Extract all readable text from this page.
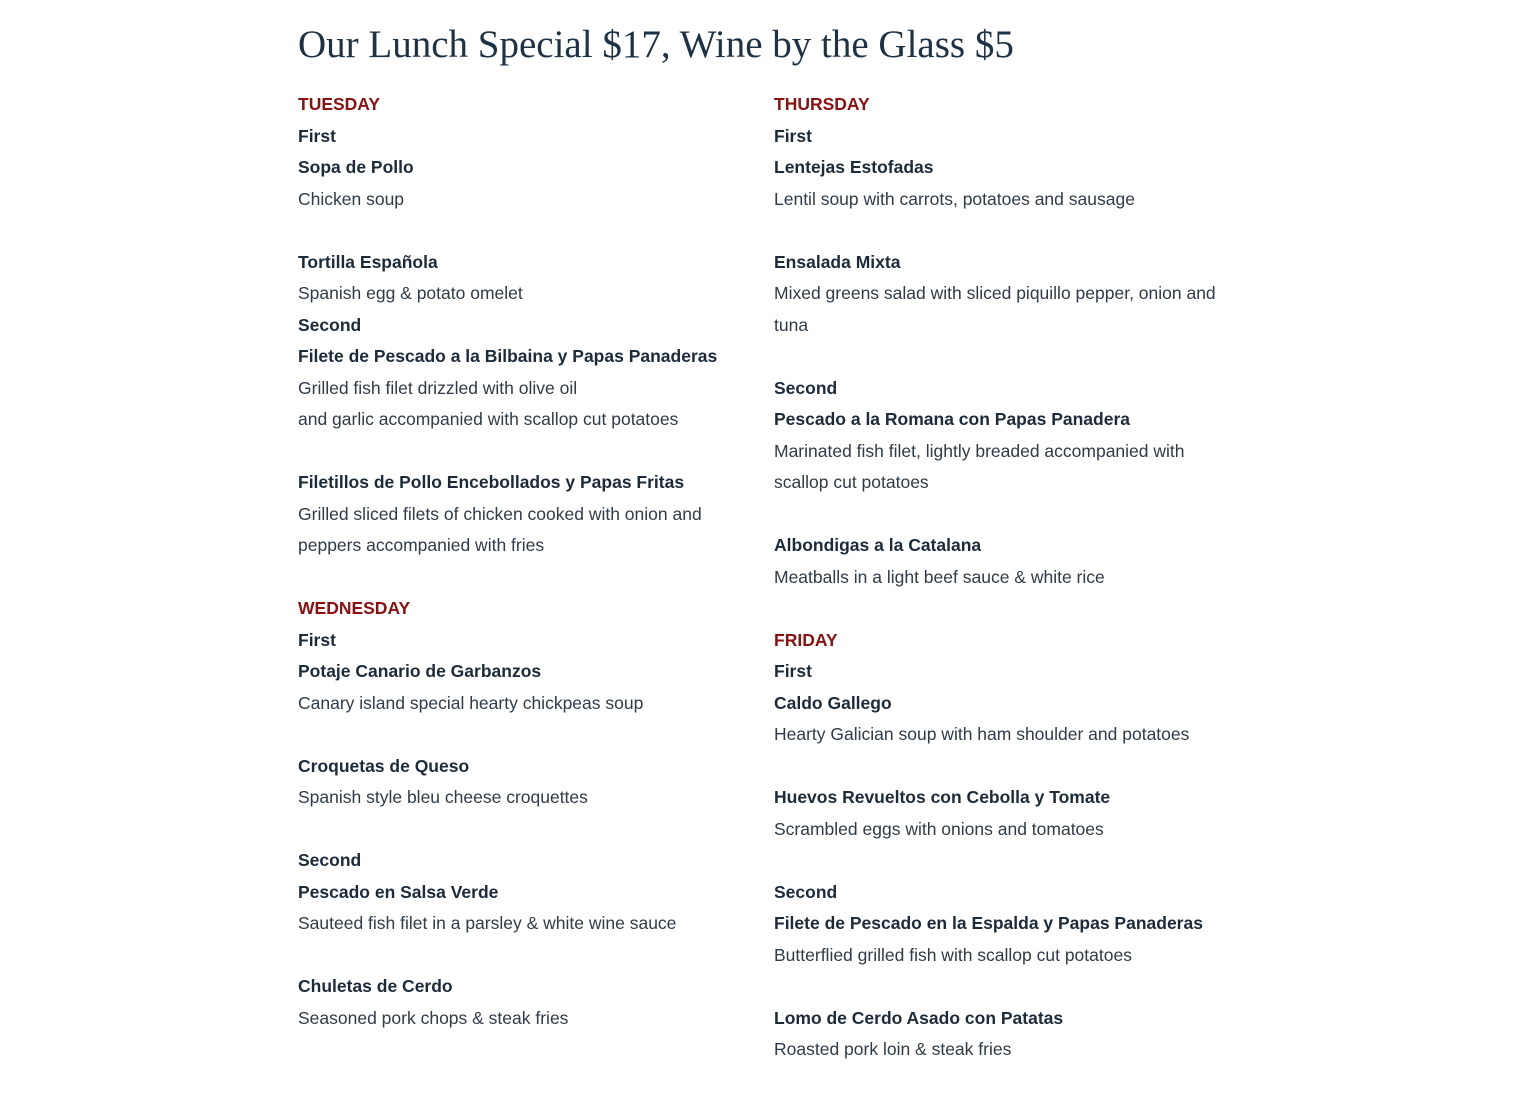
Our Lunch Special $17, Wine by the Glass $5
TUESDAY
First
Sopa de Pollo
Chicken soup
Tortilla Española
Spanish egg & potato omelet
Second
Filete de Pescado a la Bilbaina y Papas Panaderas
Grilled fish filet drizzled with olive oil
and garlic accompanied with scallop cut potatoes
Filetillos de Pollo Encebollados y Papas Fritas
Grilled sliced filets of chicken cooked with onion and peppers accompanied with fries
WEDNESDAY
First
Potaje Canario de Garbanzos
Canary island special hearty chickpeas soup
Croquetas de Queso
Spanish style bleu cheese croquettes
Second
Pescado en Salsa Verde
Sauteed fish filet in a parsley & white wine sauce
Chuletas de Cerdo
Seasoned pork chops & steak fries
THURSDAY
First
Lentejas Estofadas
Lentil soup with carrots, potatoes and sausage
Ensalada Mixta
Mixed greens salad with sliced piquillo pepper, onion and tuna
Second
Pescado a la Romana con Papas Panadera
Marinated fish filet, lightly breaded accompanied with scallop cut potatoes
Albondigas a la Catalana
Meatballs in a light beef sauce & white rice
FRIDAY
First
Caldo Gallego
Hearty Galician soup with ham shoulder and potatoes
Huevos Revueltos con Cebolla y Tomate
Scrambled eggs with onions and tomatoes
Second
Filete de Pescado en la Espalda y Papas Panaderas
Butterflied grilled fish with scallop cut potatoes
Lomo de Cerdo Asado con Patatas
Roasted pork loin & steak fries
